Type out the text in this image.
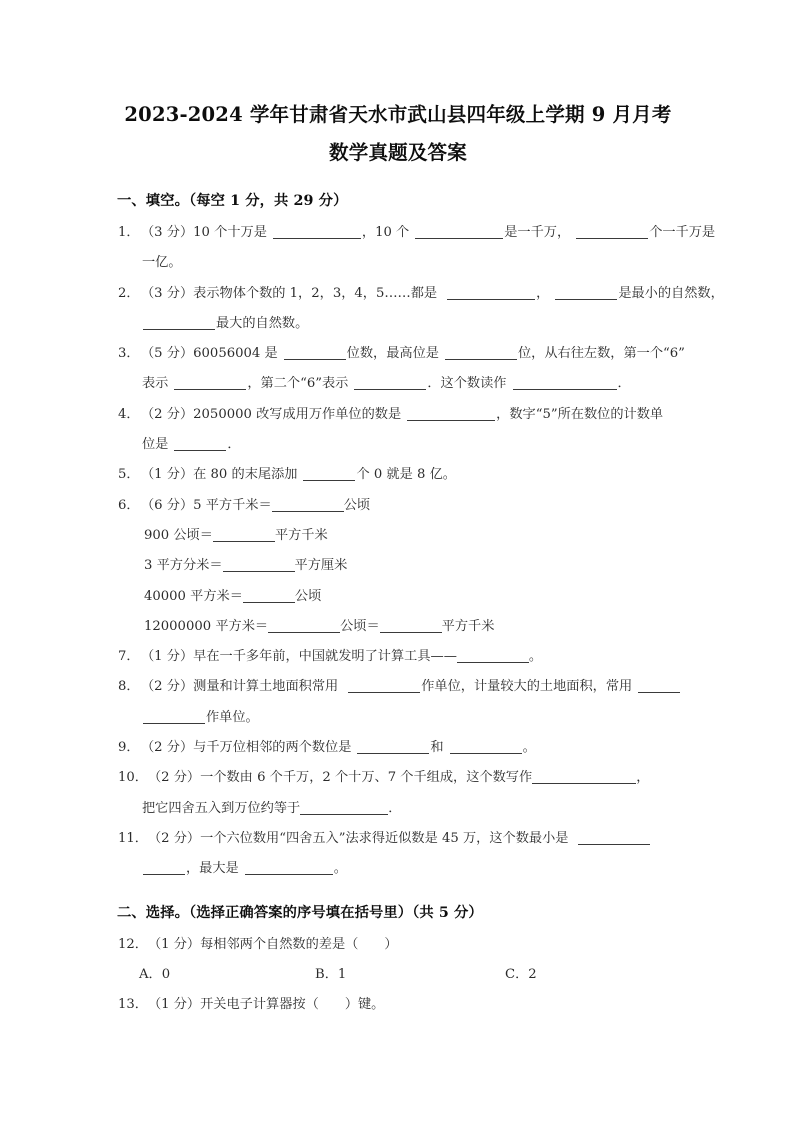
2023-2024 学年甘肃省天水市武山县四年级上学期 9 月月考
数学真题及答案
一、填空。（每空 1 分，共 29 分）
1．（3 分）10 个十万是	，10 个	是一千万，	个一千万是
一亿。
2．（3 分）表示物体个数的 1，2，3，4，5……都是	，	是最小的自然数，
最大的自然数。
3．（5 分）60056004 是	位数，最高位是	位，从右往左数，第一个“6”
表示	，第二个“6”表示	．这个数读作	．
4．（2 分）2050000 改写成用万作单位的数是	，数字“5”所在数位的计数单
位是	．
5．（1 分）在 80 的末尾添加	个 0 就是 8 亿。
6．（6 分）5 平方千米＝	公顷
900 公顷＝	平方千米
3 平方分米＝	平方厘米
40000 平方米＝	公顷
12000000 平方米＝	公顷＝	平方千米
7．（1 分）早在一千多年前，中国就发明了计算工具——	。
8．（2 分）测量和计算土地面积常用	作单位，计量较大的土地面积，常用
作单位。
9．（2 分）与千万位相邻的两个数位是	和	。
10．（2 分）一个数由 6 个千万，2 个十万、7 个千组成，这个数写作	，
把它四舍五入到万位约等于	．
11．（2 分）一个六位数用“四舍五入”法求得近似数是 45 万，这个数最小是
，最大是	。
二、选择。（选择正确答案的序号填在括号里）（共 5 分）
12．（1 分）每相邻两个自然数的差是（ ）
A．0	B．1	C．2
13．（1 分）开关电子计算器按（ ）键。
